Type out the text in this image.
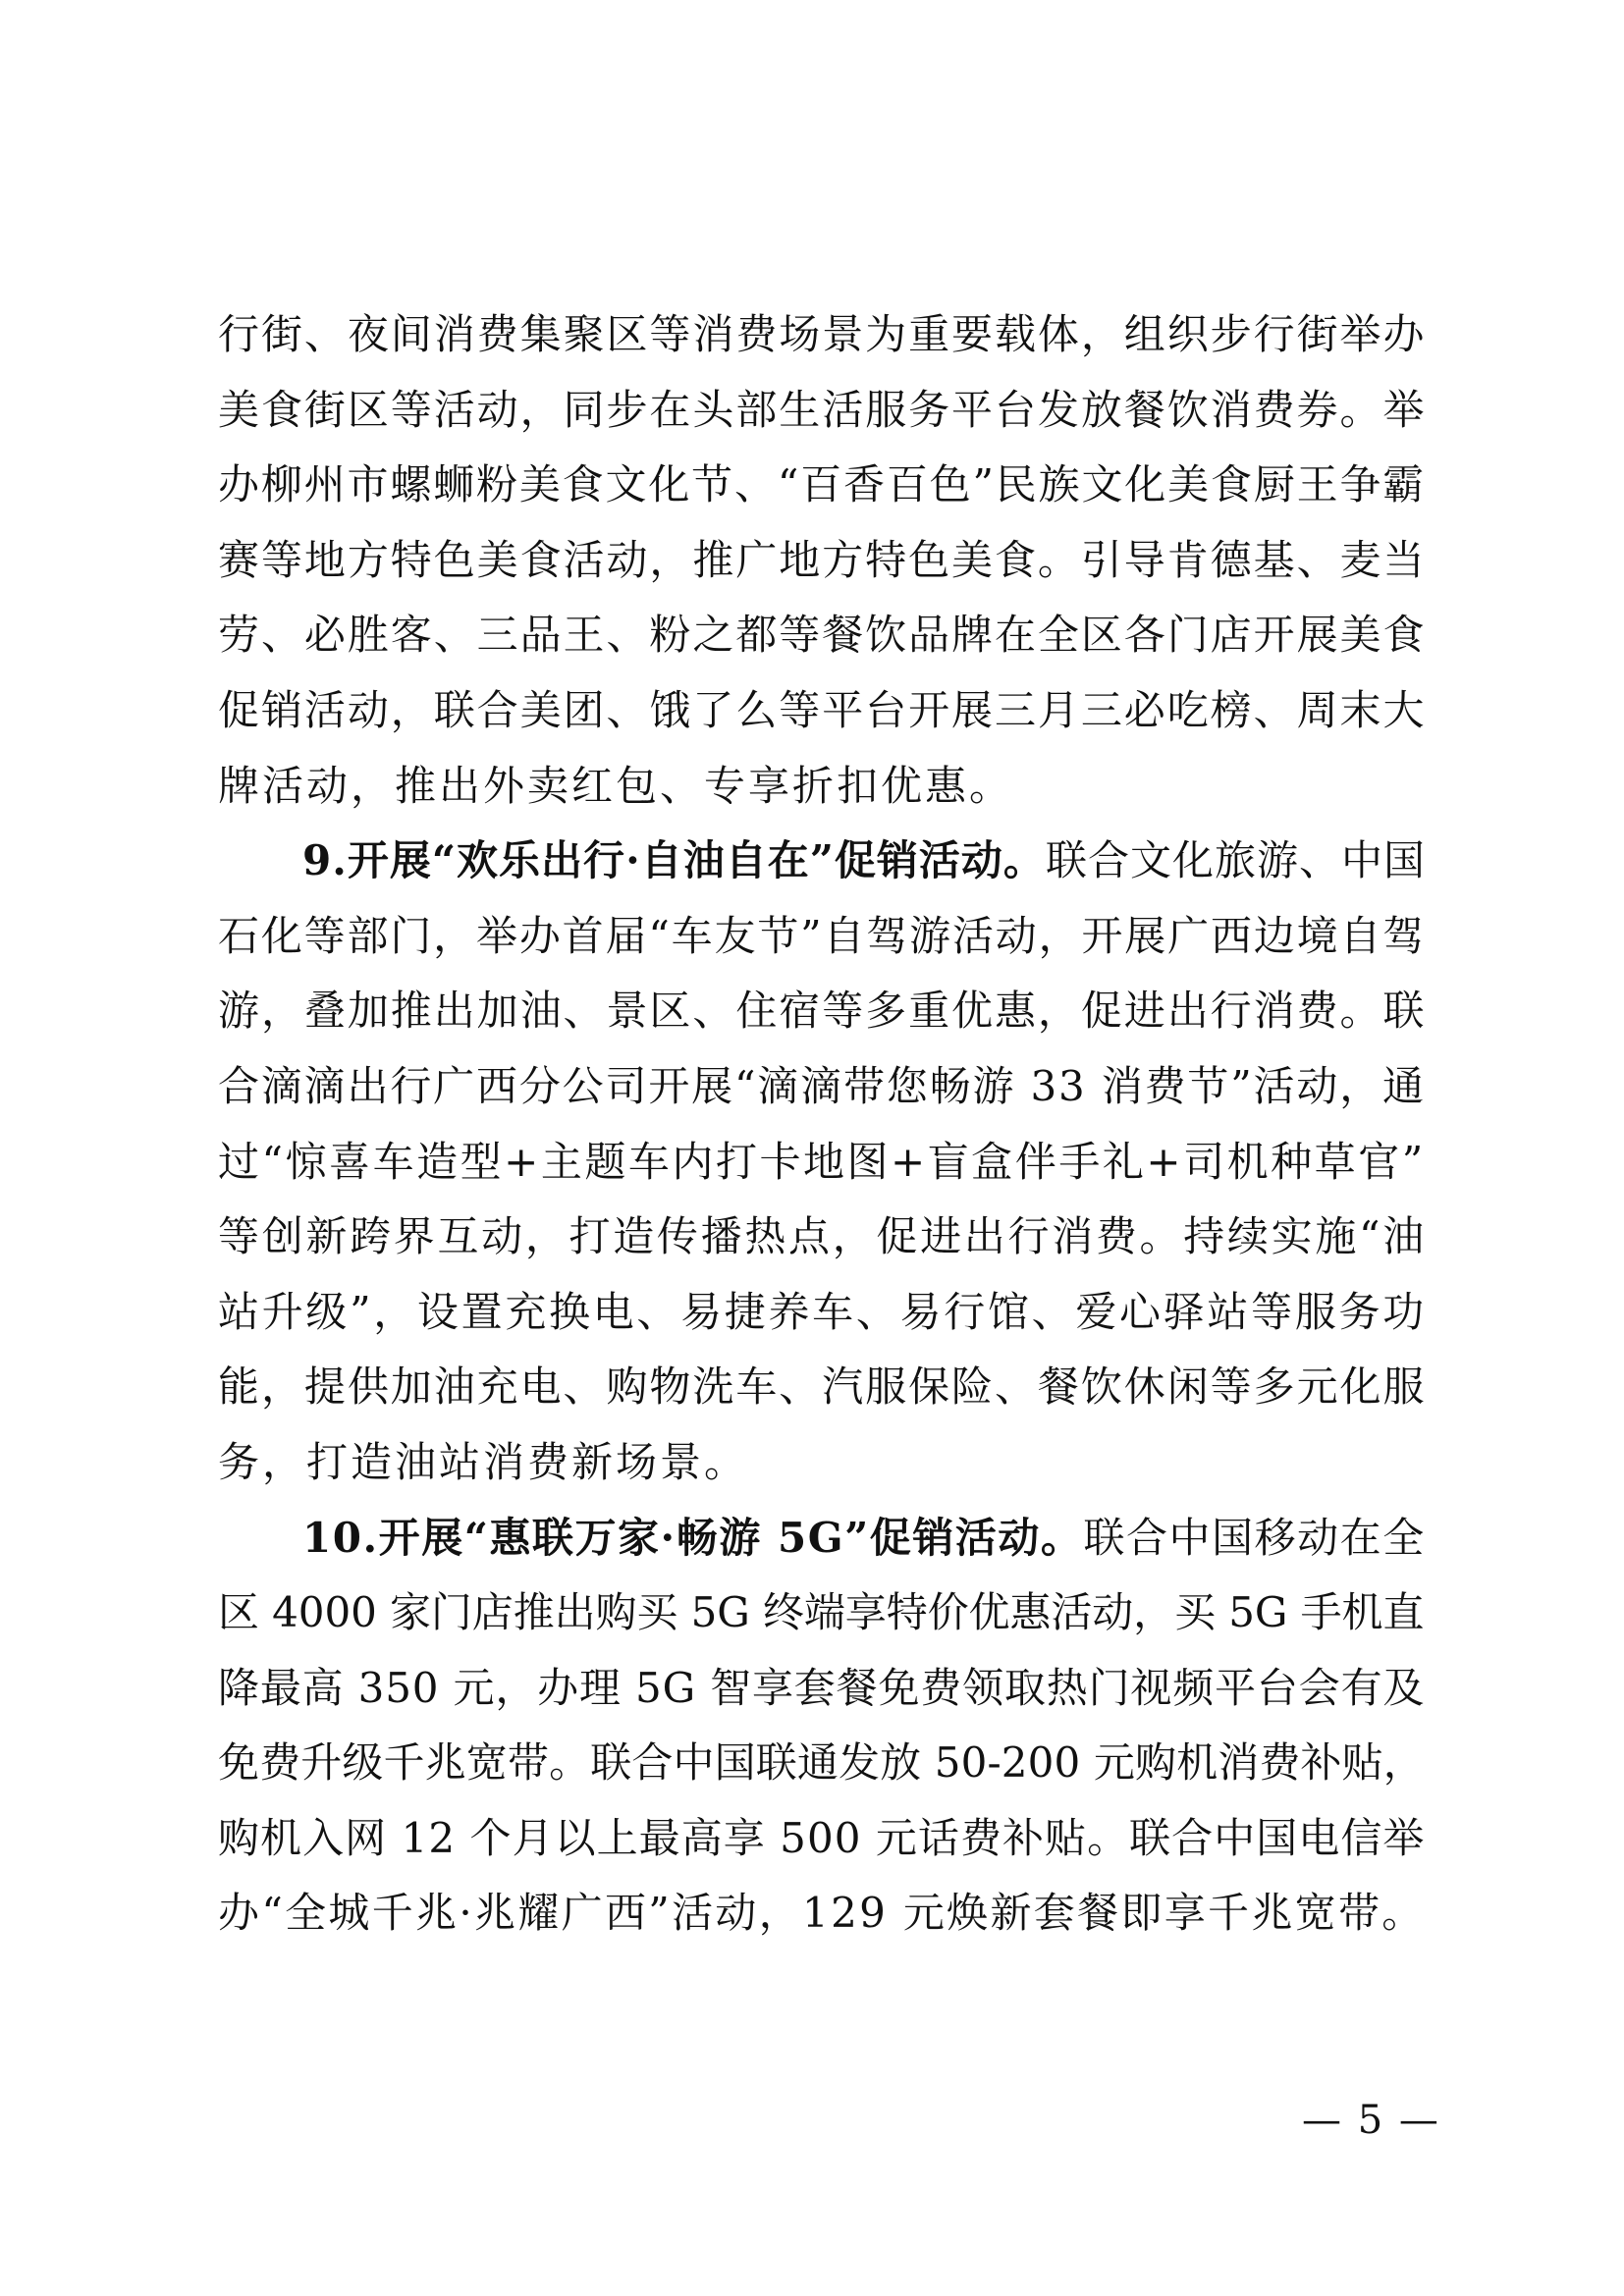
行街、夜间消费集聚区等消费场景为重要载体，组织步行街举办
美食街区等活动，同步在头部生活服务平台发放餐饮消费券。举
办柳州市螺蛳粉美食文化节、“百香百色”民族文化美食厨王争霸
赛等地方特色美食活动，推广地方特色美食。引导肯德基、麦当
劳、必胜客、三品王、粉之都等餐饮品牌在全区各门店开展美食
促销活动，联合美团、饿了么等平台开展三月三必吃榜、周末大
牌活动，推出外卖红包、专享折扣优惠。
9.开展“欢乐出行·自油自在”促销活动。联合文化旅游、中国
石化等部门，举办首届“车友节”自驾游活动，开展广西边境自驾
游，叠加推出加油、景区、住宿等多重优惠，促进出行消费。联
合滴滴出行广西分公司开展“滴滴带您畅游 33 消费节”活动，通
过“惊喜车造型+主题车内打卡地图+盲盒伴手礼+司机种草官”
等创新跨界互动，打造传播热点，促进出行消费。持续实施“油
站升级”，设置充换电、易捷养车、易行馆、爱心驿站等服务功
能，提供加油充电、购物洗车、汽服保险、餐饮休闲等多元化服
务，打造油站消费新场景。
10.开展“惠联万家·畅游 5G”促销活动。联合中国移动在全
区 4000 家门店推出购买 5G 终端享特价优惠活动，买 5G 手机直
降最高 350 元，办理 5G 智享套餐免费领取热门视频平台会有及
免费升级千兆宽带。联合中国联通发放 50-200 元购机消费补贴，
购机入网 12 个月以上最高享 500 元话费补贴。联合中国电信举
办“全城千兆·兆耀广西”活动，129 元焕新套餐即享千兆宽带。
— 5 —
